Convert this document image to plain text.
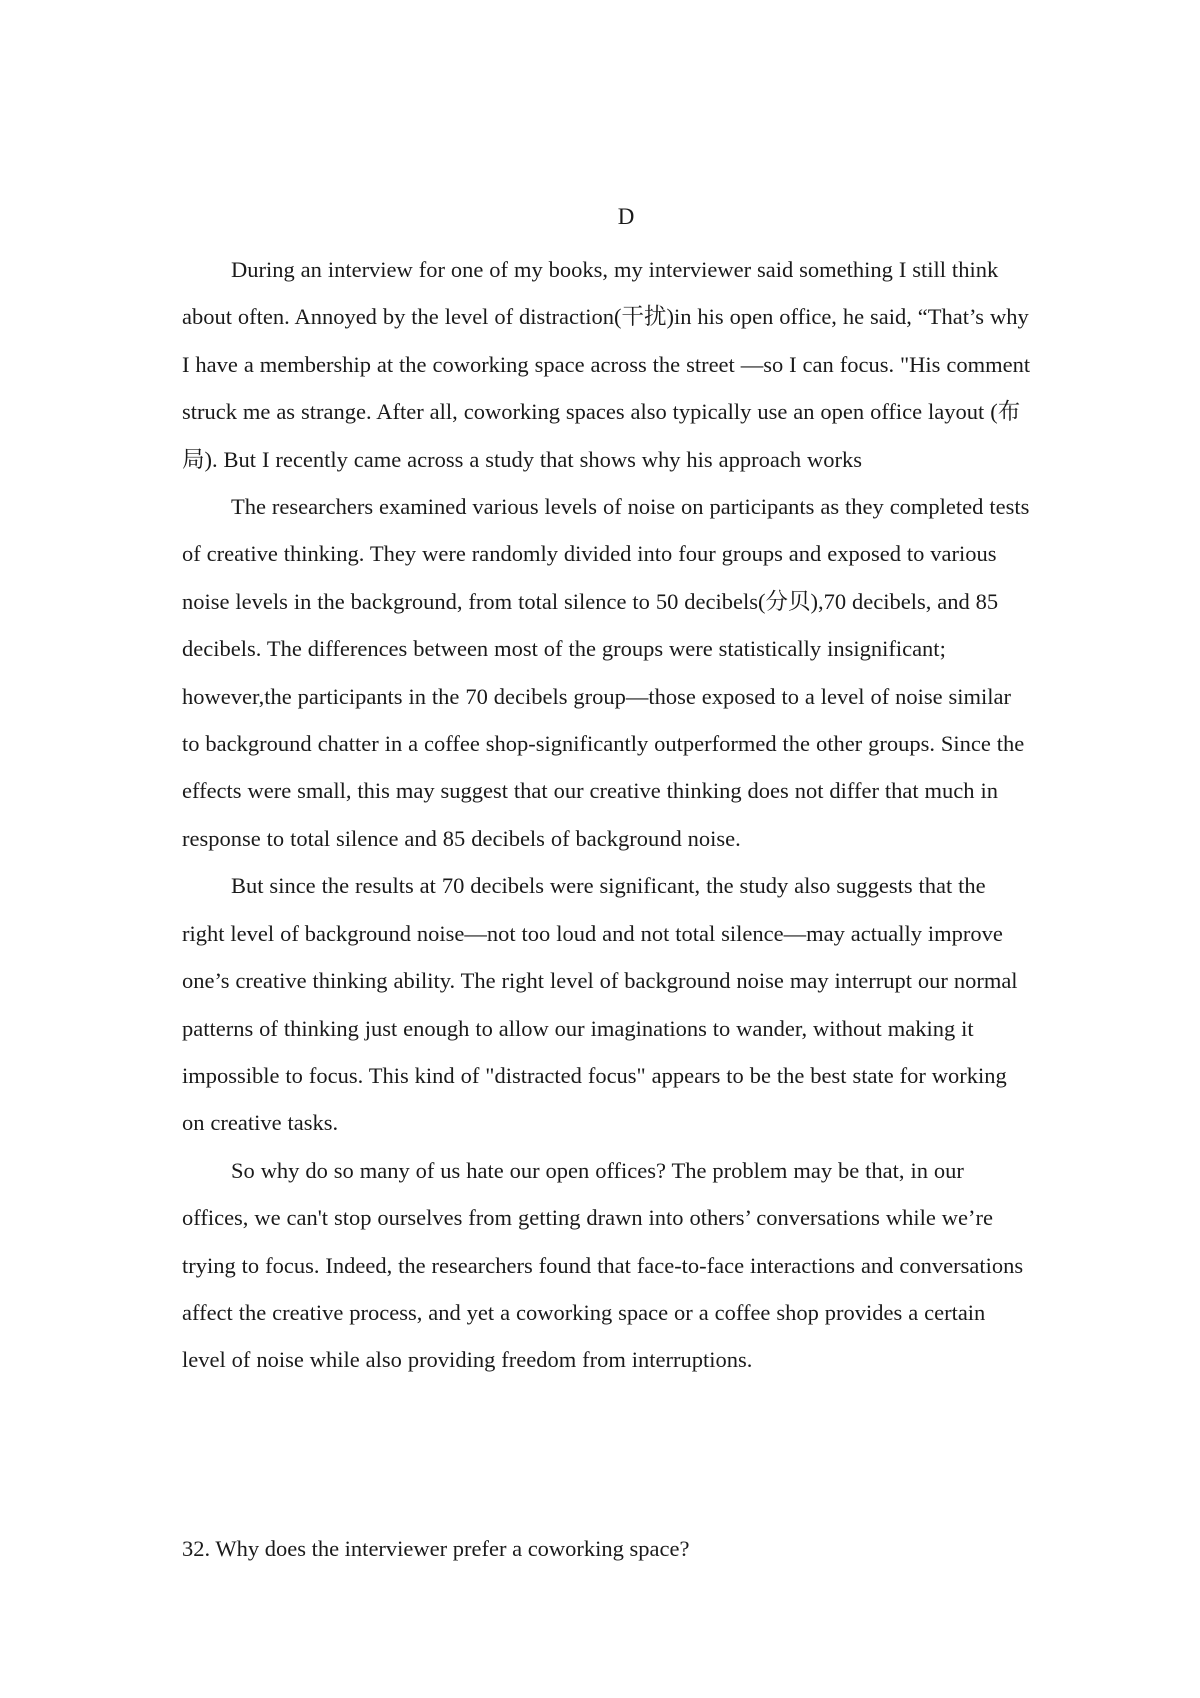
D

During an interview for one of my books, my interviewer said something I still think about often. Annoyed by the level of distraction(干扰)in his open office, he said, “That’s why I have a membership at the coworking space across the street —so I can focus. "His comment struck me as strange. After all, coworking spaces also typically use an open office layout (布局). But I recently came across a study that shows why his approach works

The researchers examined various levels of noise on participants as they completed tests of creative thinking. They were randomly divided into four groups and exposed to various noise levels in the background, from total silence to 50 decibels(分贝),70 decibels, and 85 decibels. The differences between most of the groups were statistically insignificant; however,the participants in the 70 decibels group—those exposed to a level of noise similar to background chatter in a coffee shop-significantly outperformed the other groups. Since the effects were small, this may suggest that our creative thinking does not differ that much in response to total silence and 85 decibels of background noise.

But since the results at 70 decibels were significant, the study also suggests that the right level of background noise—not too loud and not total silence—may actually improve one’s creative thinking ability. The right level of background noise may interrupt our normal patterns of thinking just enough to allow our imaginations to wander, without making it impossible to focus. This kind of "distracted focus" appears to be the best state for working on creative tasks.

So why do so many of us hate our open offices? The problem may be that, in our offices, we can't stop ourselves from getting drawn into others’ conversations while we’re trying to focus. Indeed, the researchers found that face-to-face interactions and conversations affect the creative process, and yet a coworking space or a coffee shop provides a certain level of noise while also providing freedom from interruptions.

32. Why does the interviewer prefer a coworking space?
